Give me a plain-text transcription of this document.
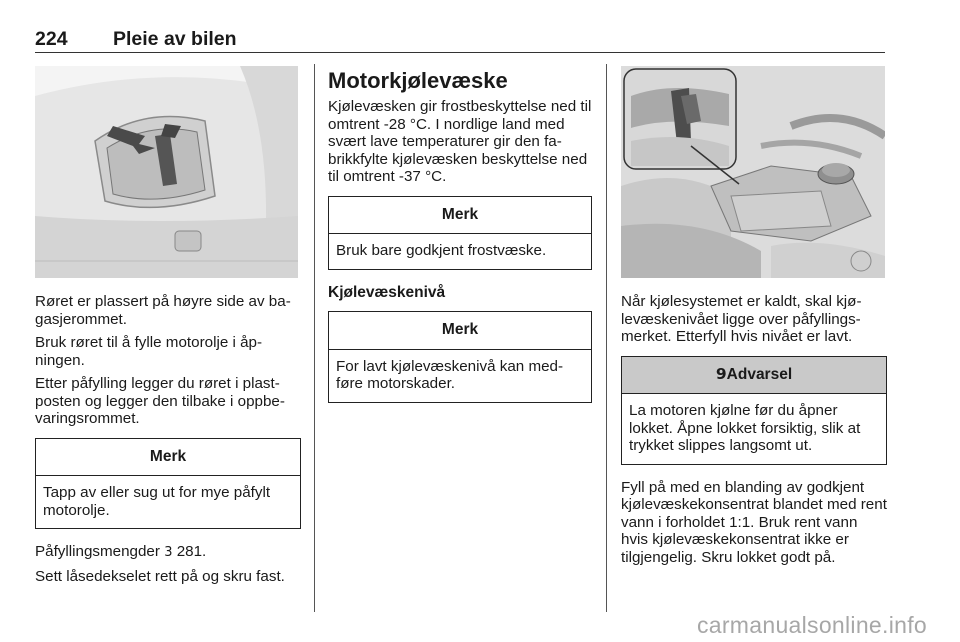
224 Pleie av bilen

Røret er plassert på høyre side av ba-gasjerommet.

Bruk røret til å fylle motorolje i åp-ningen.

Etter påfylling legger du røret i plast-posten og legger den tilbake i oppbe-varingsrommet.

Merk
Tapp av eller sug ut for mye påfylt motorolje.

Påfyllingsmengder 3 281.

Sett låsedekselet rett på og skru fast.

Motorkjølevæske

Kjølevæsken gir frostbeskyttelse ned til omtrent -28 °C. I nordlige land med svært lave temperaturer gir den fa-brikkfylte kjølevæsken beskyttelse ned til omtrent -37 °C.

Merk
Bruk bare godkjent frostvæske.
Kjølevæskenivå
Merk
For lavt kjølevæskenivå kan med-føre motorskader.

Når kjølesystemet er kaldt, skal kjø-levæskenivået ligge over påfyllings-merket. Etterfyll hvis nivået er lavt.

9Advarsel
La motoren kjølne før du åpner lokket. Åpne lokket forsiktig, slik at trykket slippes langsomt ut.

Fyll på med en blanding av godkjent kjølevæskekonsentrat blandet med rent vann i forholdet 1:1. Bruk rent vann hvis kjølevæskekonsentrat ikke er tilgjengelig. Skru lokket godt på.

carmanualsonline.info
